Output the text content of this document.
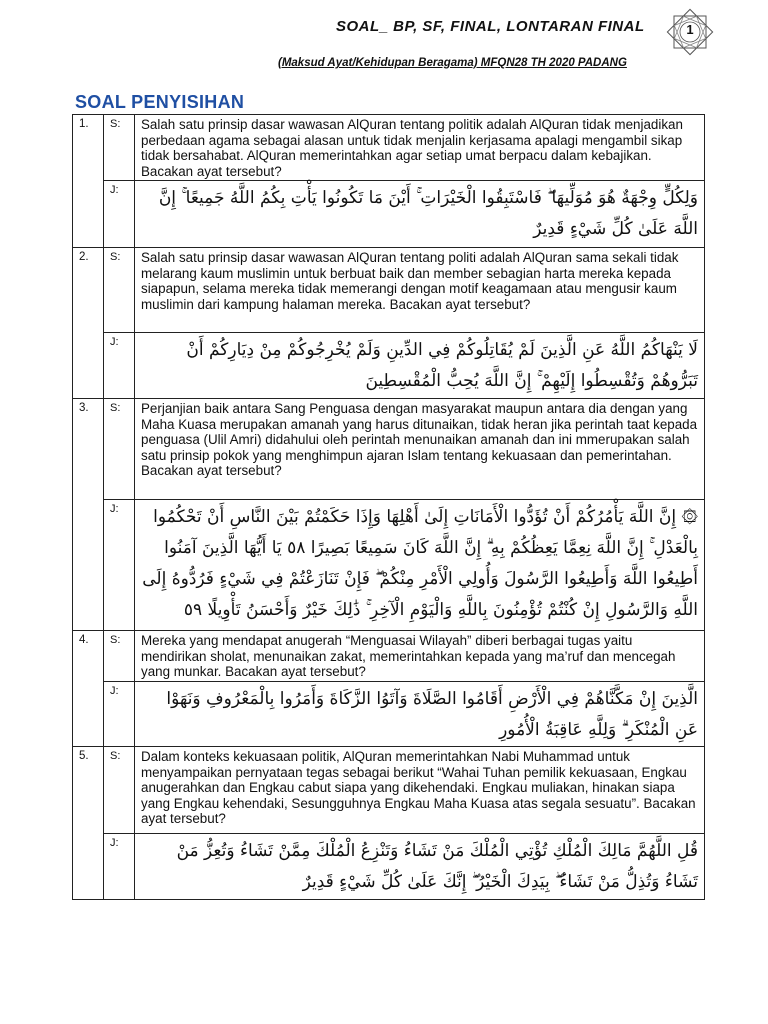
SOAL_ BP, SF, FINAL, LONTARAN FINAL	1
(Maksud Ayat/Kehidupan Beragama) MFQN28 TH 2020 PADANG
SOAL PENYISIHAN
1.	S:	Salah satu prinsip dasar wawasan AlQuran tentang politik adalah AlQuran tidak menjadikan perbedaan agama sebagai alasan untuk tidak menjalin kerjasama apalagi mengambil sikap tidak bersahabat. AlQuran memerintahkan agar setiap umat berpacu dalam kebajikan. Bacakan ayat tersebut?
	J:	وَلِكُلٍّ وِجْهَةٌ هُوَ مُوَلِّيهَا ۖ فَاسْتَبِقُوا الْخَيْرَاتِ ۚ أَيْنَ مَا تَكُونُوا يَأْتِ بِكُمُ اللَّهُ جَمِيعًا ۚ إِنَّ اللَّهَ عَلَىٰ كُلِّ شَيْءٍ قَدِيرٌ

2.	S:	Salah satu prinsip dasar wawasan AlQuran tentang politi adalah AlQuran sama sekali tidak melarang kaum muslimin untuk berbuat baik dan member sebagian harta mereka kepada siapapun, selama mereka tidak memerangi dengan motif keagamaan atau mengusir kaum muslimin dari kampung halaman mereka. Bacakan ayat tersebut?
	J:	لَا يَنْهَاكُمُ اللَّهُ عَنِ الَّذِينَ لَمْ يُقَاتِلُوكُمْ فِي الدِّينِ وَلَمْ يُخْرِجُوكُمْ مِنْ دِيَارِكُمْ أَنْ تَبَرُّوهُمْ وَتُقْسِطُوا إِلَيْهِمْ ۚ إِنَّ اللَّهَ يُحِبُّ الْمُقْسِطِينَ

3.	S:	Perjanjian baik antara Sang Penguasa dengan masyarakat maupun antara dia dengan yang Maha Kuasa merupakan amanah yang harus ditunaikan, tidak heran jika perintah taat kepada penguasa (Ulil Amri) didahului oleh perintah menunaikan amanah dan ini mmerupakan salah satu prinsip pokok yang menghimpun ajaran Islam tentang kekuasaan dan pemerintahan. Bacakan ayat tersebut?
	J:	۞ إِنَّ اللَّهَ يَأْمُرُكُمْ أَنْ تُؤَدُّوا الْأَمَانَاتِ إِلَىٰ أَهْلِهَا وَإِذَا حَكَمْتُمْ بَيْنَ النَّاسِ أَنْ تَحْكُمُوا بِالْعَدْلِ ۚ إِنَّ اللَّهَ نِعِمَّا يَعِظُكُمْ بِهِ ۗ إِنَّ اللَّهَ كَانَ سَمِيعًا بَصِيرًا ٥٨ يَا أَيُّهَا الَّذِينَ آمَنُوا أَطِيعُوا اللَّهَ وَأَطِيعُوا الرَّسُولَ وَأُولِي الْأَمْرِ مِنْكُمْ ۖ فَإِنْ تَنَازَعْتُمْ فِي شَيْءٍ فَرُدُّوهُ إِلَى اللَّهِ وَالرَّسُولِ إِنْ كُنْتُمْ تُؤْمِنُونَ بِاللَّهِ وَالْيَوْمِ الْآخِرِ ۚ ذَٰلِكَ خَيْرٌ وَأَحْسَنُ تَأْوِيلًا ٥٩

4.	S:	Mereka yang mendapat anugerah “Menguasai Wilayah” diberi berbagai tugas yaitu mendirikan sholat, menunaikan zakat, memerintahkan kepada yang ma’ruf dan mencegah yang munkar. Bacakan ayat tersebut?
	J:	الَّذِينَ إِنْ مَكَّنَّاهُمْ فِي الْأَرْضِ أَقَامُوا الصَّلَاةَ وَآتَوُا الزَّكَاةَ وَأَمَرُوا بِالْمَعْرُوفِ وَنَهَوْا عَنِ الْمُنْكَرِ ۗ وَلِلَّهِ عَاقِبَةُ الْأُمُورِ

5.	S:	Dalam konteks kekuasaan politik, AlQuran memerintahkan Nabi Muhammad untuk menyampaikan pernyataan tegas sebagai berikut “Wahai Tuhan pemilik kekuasaan, Engkau anugerahkan dan Engkau cabut siapa yang dikehendaki. Engkau muliakan, hinakan siapa yang Engkau kehendaki, Sesungguhnya Engkau Maha Kuasa atas segala sesuatu”. Bacakan ayat tersebut?
	J:	قُلِ اللَّهُمَّ مَالِكَ الْمُلْكِ تُؤْتِي الْمُلْكَ مَنْ تَشَاءُ وَتَنْزِعُ الْمُلْكَ مِمَّنْ تَشَاءُ وَتُعِزُّ مَنْ تَشَاءُ وَتُذِلُّ مَنْ تَشَاءُ ۖ بِيَدِكَ الْخَيْرُ ۖ إِنَّكَ عَلَىٰ كُلِّ شَيْءٍ قَدِيرٌ
